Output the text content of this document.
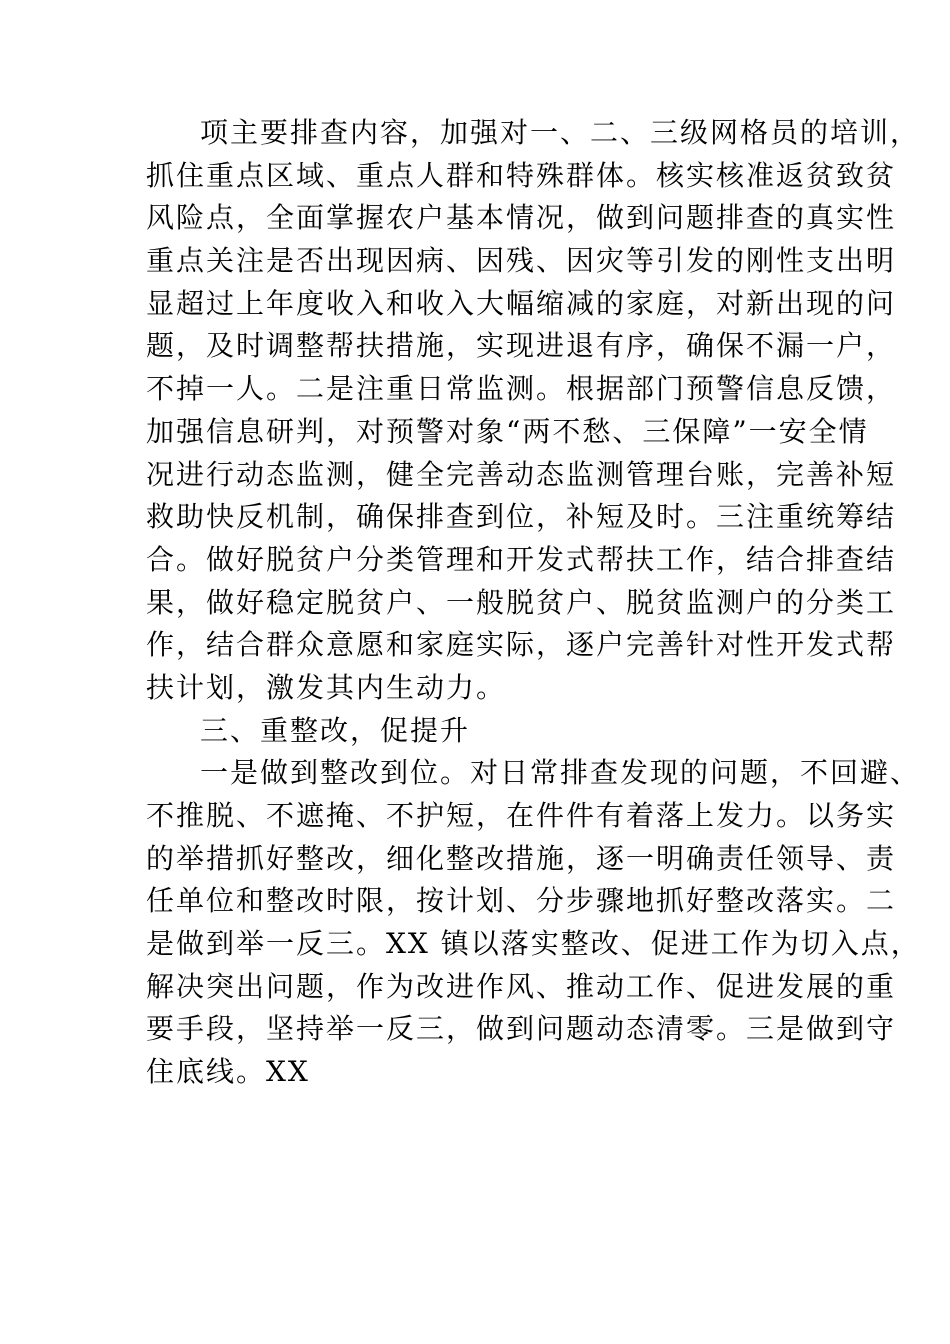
项主要排查内容，加强对一、二、三级网格员的培训，
抓住重点区域、重点人群和特殊群体。核实核准返贫致贫
风险点，全面掌握农户基本情况，做到问题排查的真实性
重点关注是否出现因病、因残、因灾等引发的刚性支出明
显超过上年度收入和收入大幅缩减的家庭，对新出现的问
题，及时调整帮扶措施，实现进退有序，确保不漏一户，
不掉一人。二是注重日常监测。根据部门预警信息反馈，
加强信息研判，对预警对象“两不愁、三保障”一安全情
况进行动态监测，健全完善动态监测管理台账，完善补短
救助快反机制，确保排查到位，补短及时。三注重统筹结
合。做好脱贫户分类管理和开发式帮扶工作，结合排查结
果，做好稳定脱贫户、一般脱贫户、脱贫监测户的分类工
作，结合群众意愿和家庭实际，逐户完善针对性开发式帮
扶计划，激发其内生动力。
三、重整改，促提升
一是做到整改到位。对日常排查发现的问题，不回避、
不推脱、不遮掩、不护短，在件件有着落上发力。以务实
的举措抓好整改，细化整改措施，逐一明确责任领导、责
任单位和整改时限，按计划、分步骤地抓好整改落实。二
是做到举一反三。XX 镇以落实整改、促进工作为切入点，
解决突出问题，作为改进作风、推动工作、促进发展的重
要手段，坚持举一反三，做到问题动态清零。三是做到守
住底线。XX
